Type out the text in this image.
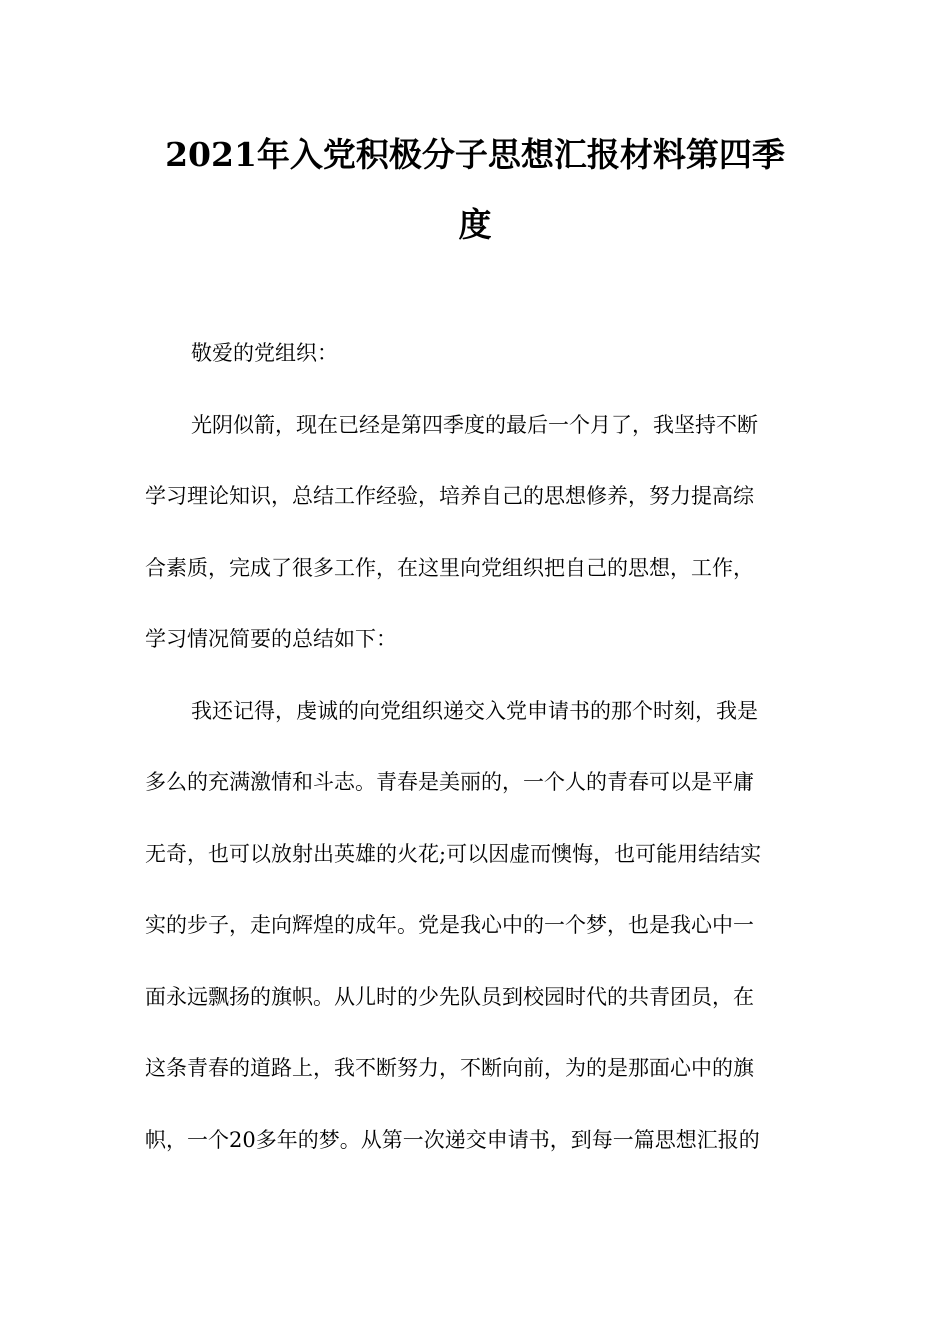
2021年入党积极分子思想汇报材料第四季
度
敬爱的党组织：
光阴似箭，现在已经是第四季度的最后一个月了，我坚持不断
学习理论知识，总结工作经验，培养自己的思想修养，努力提高综
合素质，完成了很多工作，在这里向党组织把自己的思想，工作，
学习情况简要的总结如下：
我还记得，虔诚的向党组织递交入党申请书的那个时刻，我是
多么的充满激情和斗志。青春是美丽的，一个人的青春可以是平庸
无奇，也可以放射出英雄的火花;可以因虚而懊悔，也可能用结结实
实的步子，走向辉煌的成年。党是我心中的一个梦，也是我心中一
面永远飘扬的旗帜。从儿时的少先队员到校园时代的共青团员，在
这条青春的道路上，我不断努力，不断向前，为的是那面心中的旗
帜，一个20多年的梦。从第一次递交申请书，到每一篇思想汇报的
